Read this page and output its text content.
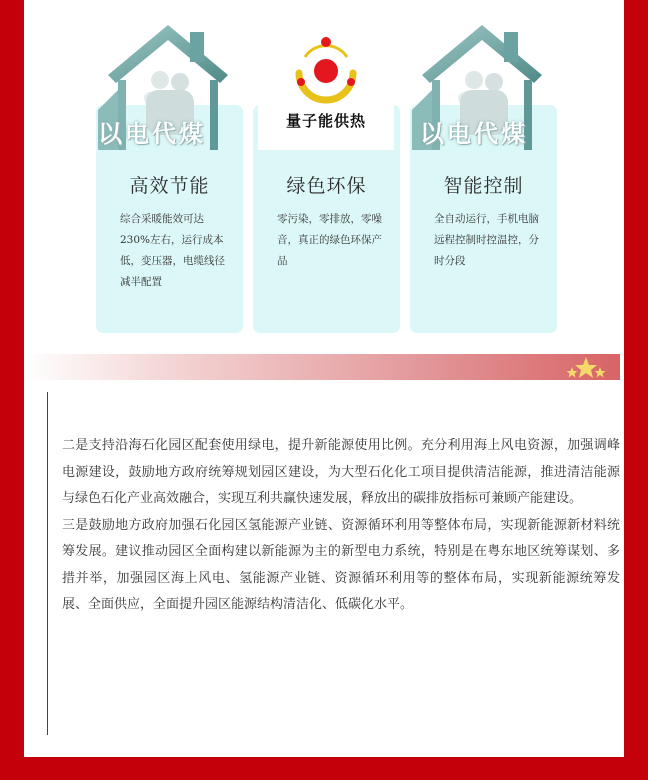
高效节能
综合采暖能效可达230%左右，运行成本低，变压器，电缆线径减半配置
绿色环保
零污染，零排放，零噪音，真正的绿色环保产品
智能控制
全自动运行，手机电脑远程控制时控温控，分时分段
以电代煤	量子能供热	以电代煤

二是支持沿海石化园区配套使用绿电，提升新能源使用比例。充分利用海上风电资源，加强调峰电源建设，鼓励地方政府统筹规划园区建设，为大型石化化工项目提供清洁能源，推进清洁能源与绿色石化产业高效融合，实现互利共赢快速发展，释放出的碳排放指标可兼顾产能建设。

三是鼓励地方政府加强石化园区氢能源产业链、资源循环利用等整体布局，实现新能源新材料统筹发展。建议推动园区全面构建以新能源为主的新型电力系统，特别是在粤东地区统筹谋划、多措并举，加强园区海上风电、氢能源产业链、资源循环利用等的整体布局，实现新能源统筹发展、全面供应，全面提升园区能源结构清洁化、低碳化水平。
